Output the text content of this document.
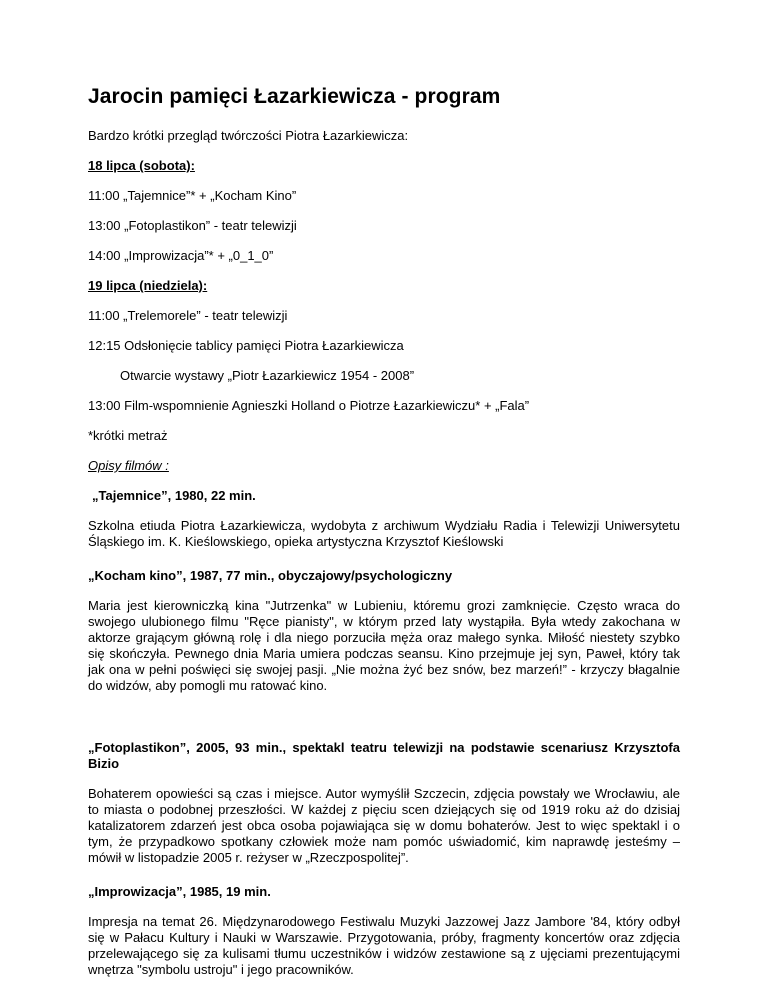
Jarocin pamięci Łazarkiewicza - program

Bardzo krótki przegląd twórczości Piotra Łazarkiewicza:

18 lipca (sobota):

11:00 „Tajemnice”* + „Kocham Kino”

13:00 „Fotoplastikon” - teatr telewizji

14:00 „Improwizacja”* + „0_1_0”

19 lipca (niedziela):

11:00 „Trelemorele” - teatr telewizji

12:15 Odsłonięcie tablicy pamięci Piotra Łazarkiewicza

Otwarcie wystawy „Piotr Łazarkiewicz 1954 - 2008”

13:00 Film-wspomnienie Agnieszki Holland o Piotrze Łazarkiewiczu* + „Fala”

*krótki metraż

Opisy filmów :

„Tajemnice”, 1980, 22 min.

Szkolna etiuda Piotra Łazarkiewicza, wydobyta z archiwum Wydziału Radia i Telewizji Uniwersytetu Śląskiego im. K. Kieślowskiego, opieka artystyczna Krzysztof Kieślowski

„Kocham kino”, 1987, 77 min., obyczajowy/psychologiczny

Maria jest kierowniczką kina "Jutrzenka" w Lubieniu, któremu grozi zamknięcie. Często wraca do swojego ulubionego filmu "Ręce pianisty", w którym przed laty wystąpiła. Była wtedy zakochana w aktorze grającym główną rolę i dla niego porzuciła męża oraz małego synka. Miłość niestety szybko się skończyła. Pewnego dnia Maria umiera podczas seansu. Kino przejmuje jej syn, Paweł, który tak jak ona w pełni poświęci się swojej pasji. „Nie można żyć bez snów, bez marzeń!” - krzyczy błagalnie do widzów, aby pomogli mu ratować kino.

„Fotoplastikon”, 2005, 93 min., spektakl teatru telewizji na podstawie scenariusz Krzysztofa Bizio

Bohaterem opowieści są czas i miejsce. Autor wymyślił Szczecin, zdjęcia powstały we Wrocławiu, ale to miasta o podobnej przeszłości. W każdej z pięciu scen dziejących się od 1919 roku aż do dzisiaj katalizatorem zdarzeń jest obca osoba pojawiająca się w domu bohaterów. Jest to więc spektakl i o tym, że przypadkowo spotkany człowiek może nam pomóc uświadomić, kim naprawdę jesteśmy – mówił w listopadzie 2005 r. reżyser w „Rzeczpospolitej”.

„Improwizacja”, 1985, 19 min.

Impresja na temat 26. Międzynarodowego Festiwalu Muzyki Jazzowej Jazz Jambore '84, który odbył się w Pałacu Kultury i Nauki w Warszawie. Przygotowania, próby, fragmenty koncertów oraz zdjęcia przelewającego się za kulisami tłumu uczestników i widzów zestawione są z ujęciami prezentującymi wnętrza "symbolu ustroju" i jego pracowników.
